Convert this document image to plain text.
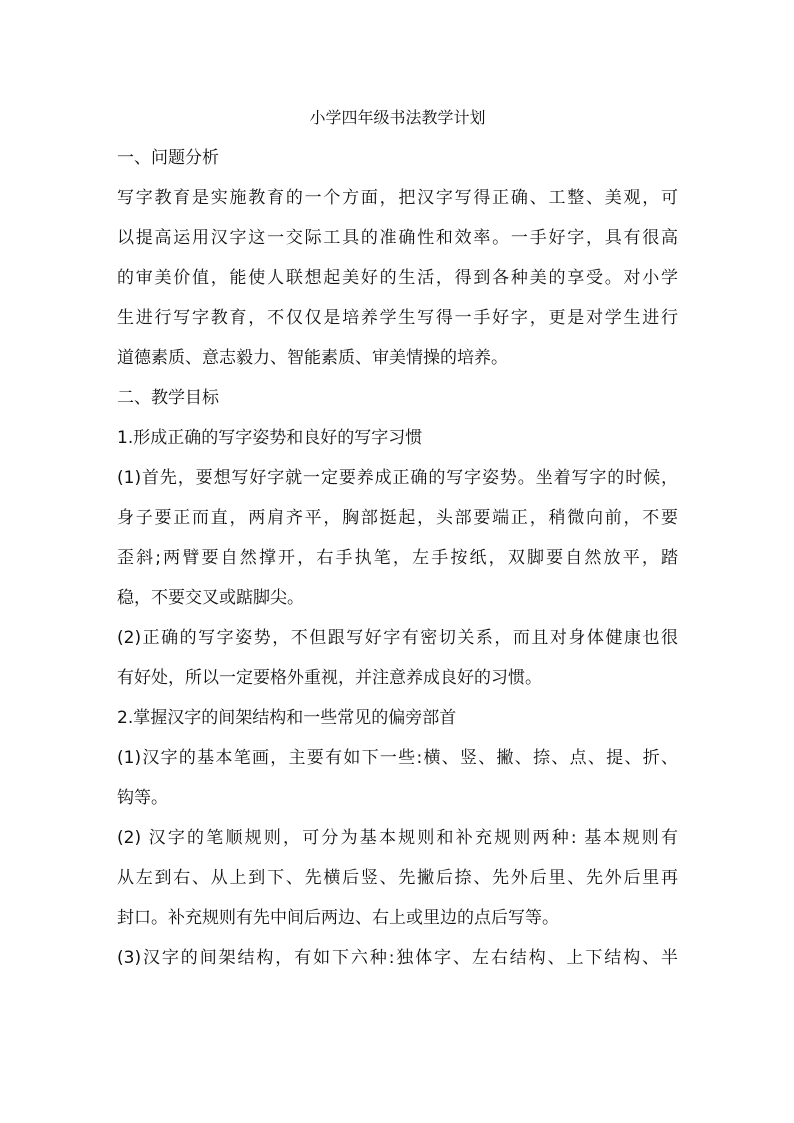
小学四年级书法教学计划

一、问题分析

写字教育是实施教育的一个方面，把汉字写得正确、工整、美观，可

以提高运用汉字这一交际工具的准确性和效率。一手好字，具有很高

的审美价值，能使人联想起美好的生活，得到各种美的享受。对小学

生进行写字教育，不仅仅是培养学生写得一手好字，更是对学生进行

道德素质、意志毅力、智能素质、审美情操的培养。

二、教学目标

1.形成正确的写字姿势和良好的写字习惯

(1)首先，要想写好字就一定要养成正确的写字姿势。坐着写字的时候，

身子要正而直，两肩齐平，胸部挺起，头部要端正，稍微向前，不要

歪斜;两臂要自然撑开，右手执笔，左手按纸，双脚要自然放平，踏

稳，不要交叉或踮脚尖。

(2)正确的写字姿势，不但跟写好字有密切关系，而且对身体健康也很

有好处，所以一定要格外重视，并注意养成良好的习惯。

2.掌握汉字的间架结构和一些常见的偏旁部首

(1)汉字的基本笔画，主要有如下一些:横、竖、撇、捺、点、提、折、

钩等。

(2) 汉字的笔顺规则，可分为基本规则和补充规则两种: 基本规则有

从左到右、从上到下、先横后竖、先撇后捺、先外后里、先外后里再

封口。补充规则有先中间后两边、右上或里边的点后写等。

(3)汉字的间架结构，有如下六种:独体字、左右结构、上下结构、半
